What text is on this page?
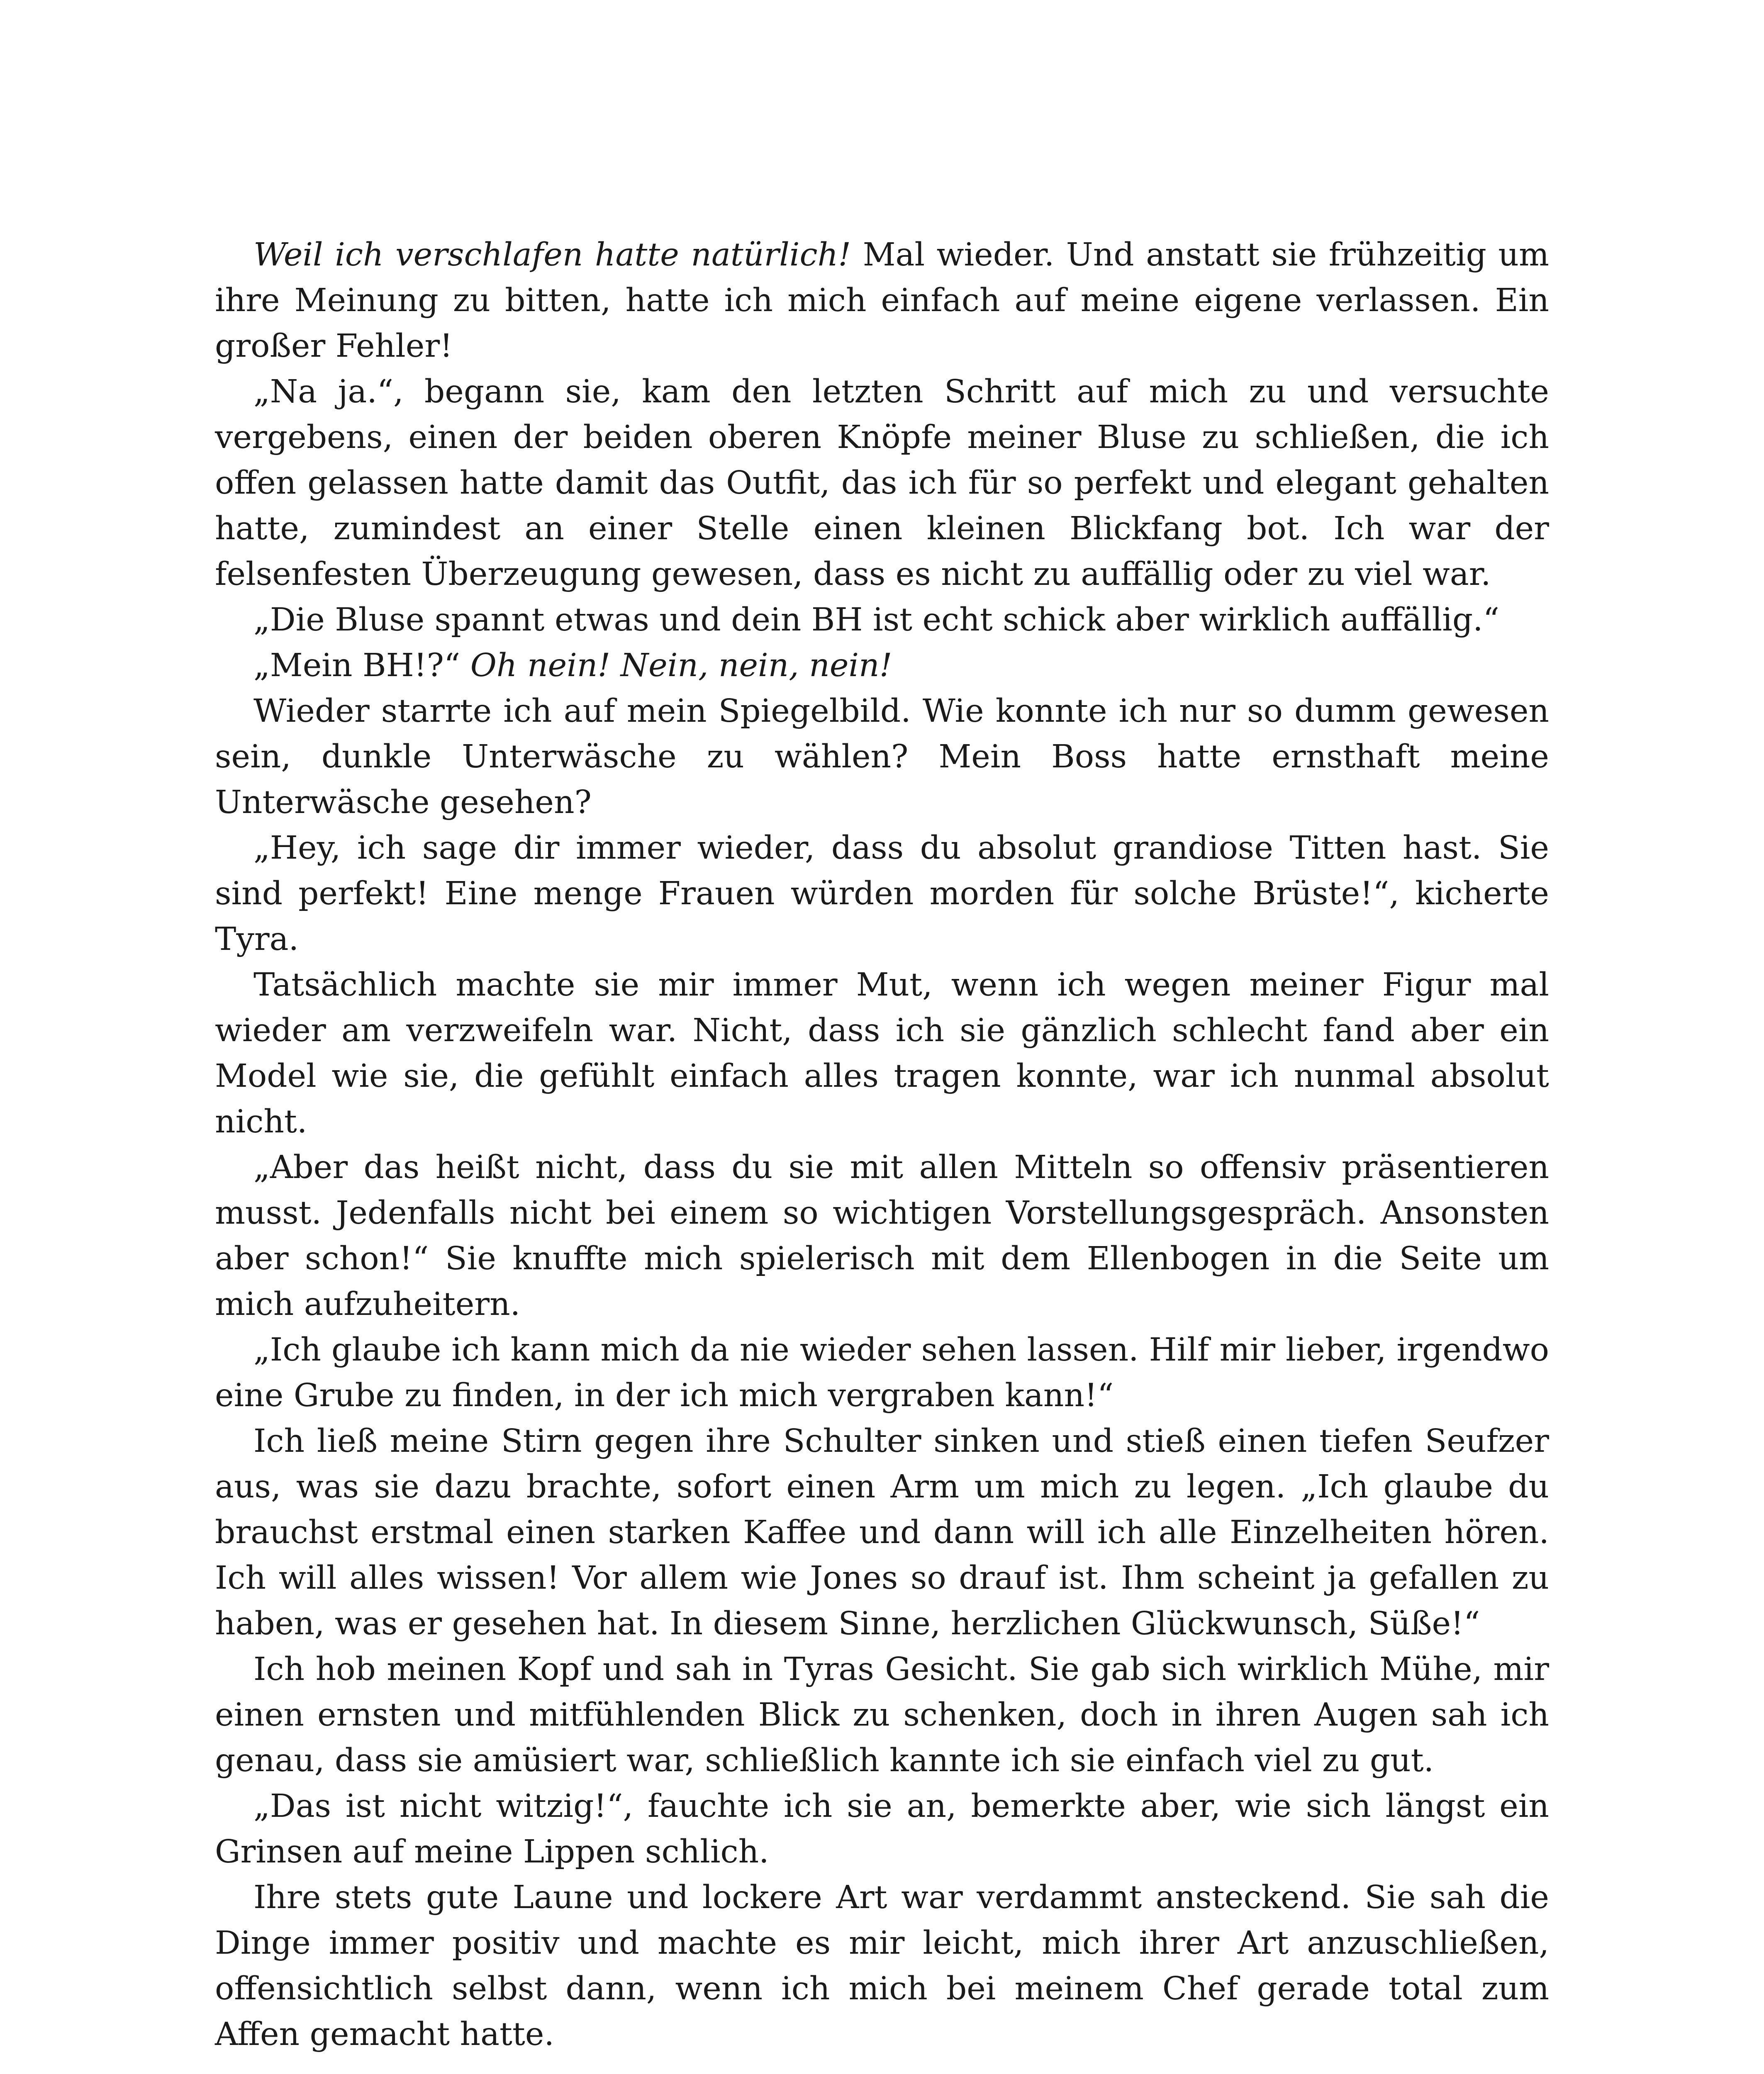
Weil ich verschlafen hatte natürlich! Mal wieder. Und anstatt sie frühzeitig um ihre Meinung zu bitten, hatte ich mich einfach auf meine eigene verlassen. Ein großer Fehler!

„Na ja.“, begann sie, kam den letzten Schritt auf mich zu und versuchte vergebens, einen der beiden oberen Knöpfe meiner Bluse zu schließen, die ich offen gelassen hatte damit das Outfit, das ich für so perfekt und elegant gehalten hatte, zumindest an einer Stelle einen kleinen Blickfang bot. Ich war der felsenfesten Überzeugung gewesen, dass es nicht zu auffällig oder zu viel war.

„Die Bluse spannt etwas und dein BH ist echt schick aber wirklich auffällig.“

„Mein BH!?“ Oh nein! Nein, nein, nein!

Wieder starrte ich auf mein Spiegelbild. Wie konnte ich nur so dumm gewesen sein, dunkle Unterwäsche zu wählen? Mein Boss hatte ernsthaft meine Unterwäsche gesehen?

„Hey, ich sage dir immer wieder, dass du absolut grandiose Titten hast. Sie sind perfekt! Eine menge Frauen würden morden für solche Brüste!“, kicherte Tyra.

Tatsächlich machte sie mir immer Mut, wenn ich wegen meiner Figur mal wieder am verzweifeln war. Nicht, dass ich sie gänzlich schlecht fand aber ein Model wie sie, die gefühlt einfach alles tragen konnte, war ich nunmal absolut nicht.

„Aber das heißt nicht, dass du sie mit allen Mitteln so offensiv präsentieren musst. Jedenfalls nicht bei einem so wichtigen Vorstellungsgespräch. Ansonsten aber schon!“ Sie knuffte mich spielerisch mit dem Ellenbogen in die Seite um mich aufzuheitern.

„Ich glaube ich kann mich da nie wieder sehen lassen. Hilf mir lieber, irgendwo eine Grube zu finden, in der ich mich vergraben kann!“

Ich ließ meine Stirn gegen ihre Schulter sinken und stieß einen tiefen Seufzer aus, was sie dazu brachte, sofort einen Arm um mich zu legen. „Ich glaube du brauchst erstmal einen starken Kaffee und dann will ich alle Einzelheiten hören. Ich will alles wissen! Vor allem wie Jones so drauf ist. Ihm scheint ja gefallen zu haben, was er gesehen hat. In diesem Sinne, herzlichen Glückwunsch, Süße!“

Ich hob meinen Kopf und sah in Tyras Gesicht. Sie gab sich wirklich Mühe, mir einen ernsten und mitfühlenden Blick zu schenken, doch in ihren Augen sah ich genau, dass sie amüsiert war, schließlich kannte ich sie einfach viel zu gut.

„Das ist nicht witzig!“, fauchte ich sie an, bemerkte aber, wie sich längst ein Grinsen auf meine Lippen schlich.

Ihre stets gute Laune und lockere Art war verdammt ansteckend. Sie sah die Dinge immer positiv und machte es mir leicht, mich ihrer Art anzuschließen, offensichtlich selbst dann, wenn ich mich bei meinem Chef gerade total zum Affen gemacht hatte.
